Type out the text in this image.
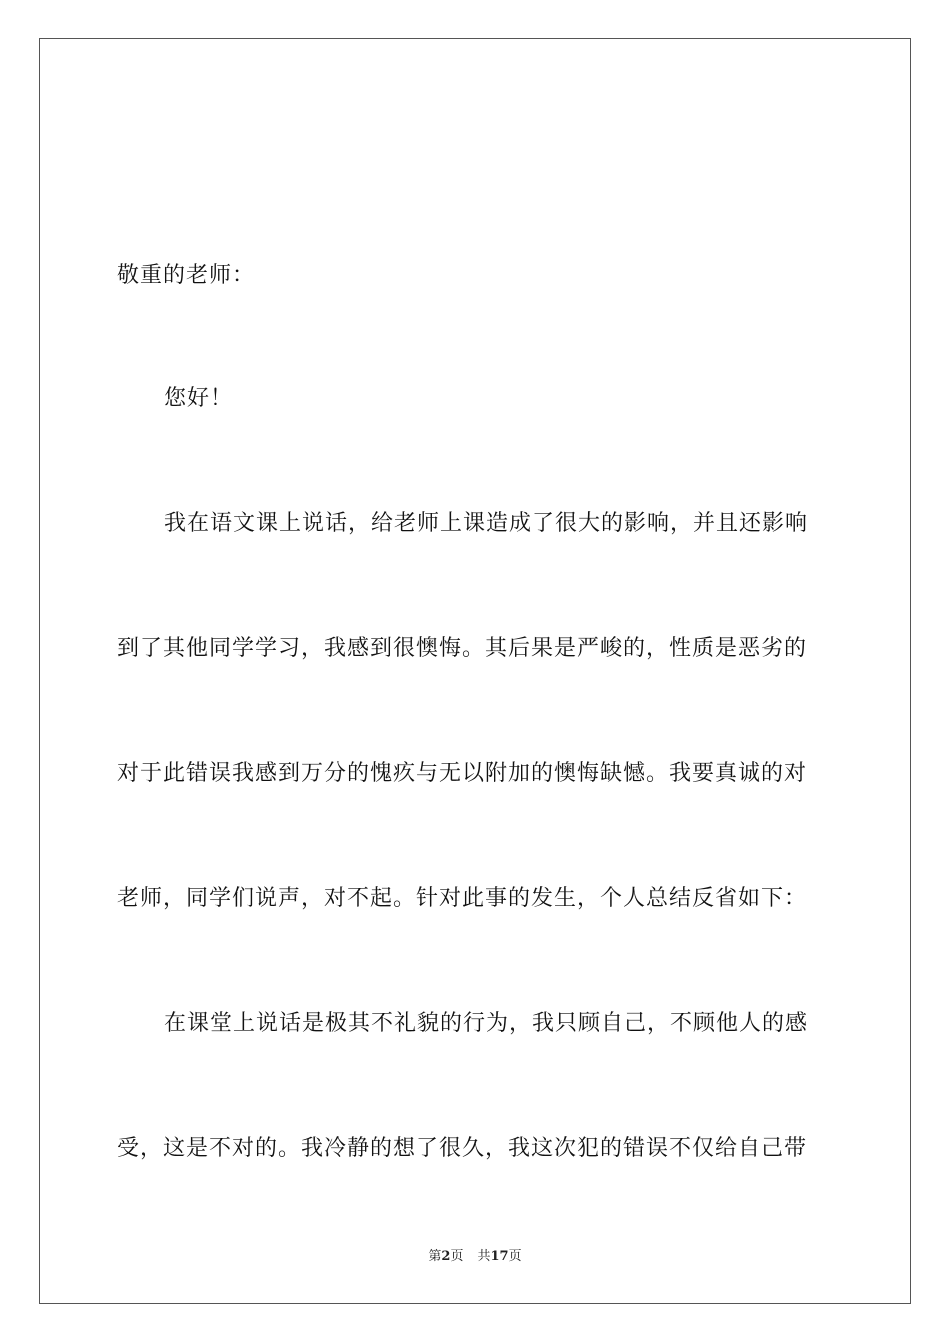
敬重的老师：
您好！
我在语文课上说话，给老师上课造成了很大的影响，并且还影响
到了其他同学学习，我感到很懊悔。其后果是严峻的，性质是恶劣的
对于此错误我感到万分的愧疚与无以附加的懊悔缺憾。我要真诚的对
老师，同学们说声，对不起。针对此事的发生，个人总结反省如下：
在课堂上说话是极其不礼貌的行为，我只顾自己，不顾他人的感
受，这是不对的。我冷静的想了很久，我这次犯的错误不仅给自己带
第2页 共17页
